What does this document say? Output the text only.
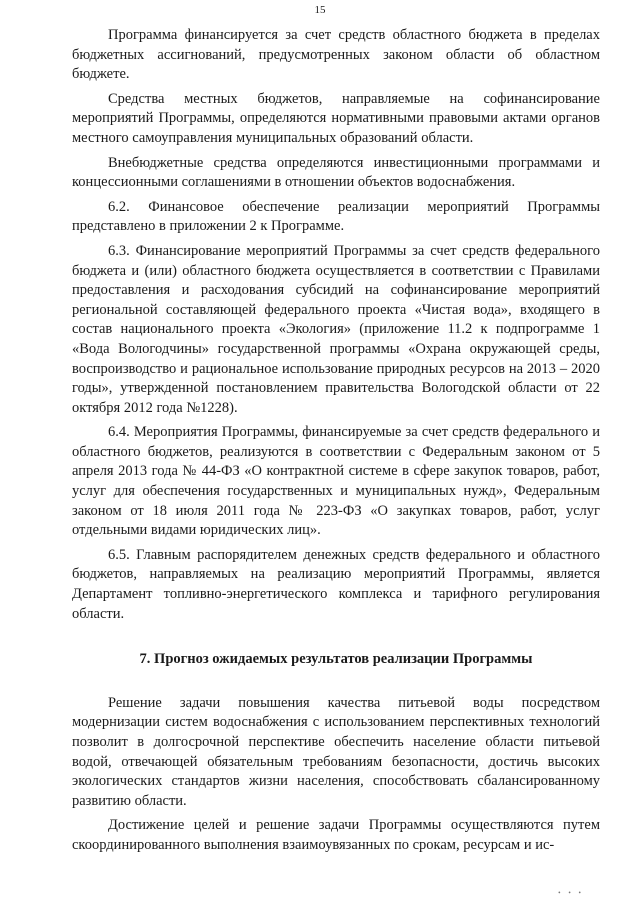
15

Программа финансируется за счет средств областного бюджета в пределах бюджетных ассигнований, предусмотренных законом области об областном бюджете.

Средства местных бюджетов, направляемые на софинансирование мероприятий Программы, определяются нормативными правовыми актами органов местного самоуправления муниципальных образований области.

Внебюджетные средства определяются инвестиционными программами и концессионными соглашениями в отношении объектов водоснабжения.

6.2. Финансовое обеспечение реализации мероприятий Программы представлено в приложении 2 к Программе.

6.3. Финансирование мероприятий Программы за счет средств федерального бюджета и (или) областного бюджета осуществляется в соответствии с Правилами предоставления и расходования субсидий на софинансирование мероприятий региональной составляющей федерального проекта «Чистая вода», входящего в состав национального проекта «Экология» (приложение 11.2 к подпрограмме 1 «Вода Вологодчины» государственной программы «Охрана окружающей среды, воспроизводство и рациональное использование природных ресурсов на 2013 – 2020 годы», утвержденной постановлением правительства Вологодской области от 22 октября 2012 года №1228).

6.4. Мероприятия Программы, финансируемые за счет средств федерального и областного бюджетов, реализуются в соответствии с Федеральным законом от 5 апреля 2013 года № 44-ФЗ «О контрактной системе в сфере закупок товаров, работ, услуг для обеспечения государственных и муниципальных нужд», Федеральным законом от 18 июля 2011 года № 223-ФЗ «О закупках товаров, работ, услуг отдельными видами юридических лиц».

6.5. Главным распорядителем денежных средств федерального и областного бюджетов, направляемых на реализацию мероприятий Программы, является Департамент топливно-энергетического комплекса и тарифного регулирования области.

7. Прогноз ожидаемых результатов реализации Программы

Решение задачи повышения качества питьевой воды посредством модернизации систем водоснабжения с использованием перспективных технологий позволит в долгосрочной перспективе обеспечить население области питьевой водой, отвечающей обязательным требованиям безопасности, достичь высоких экологических стандартов жизни населения, способствовать сбалансированному развитию области.

Достижение целей и решение задачи Программы осуществляются путем скоординированного выполнения взаимоувязанных по срокам, ресурсам и ис-

• • •
